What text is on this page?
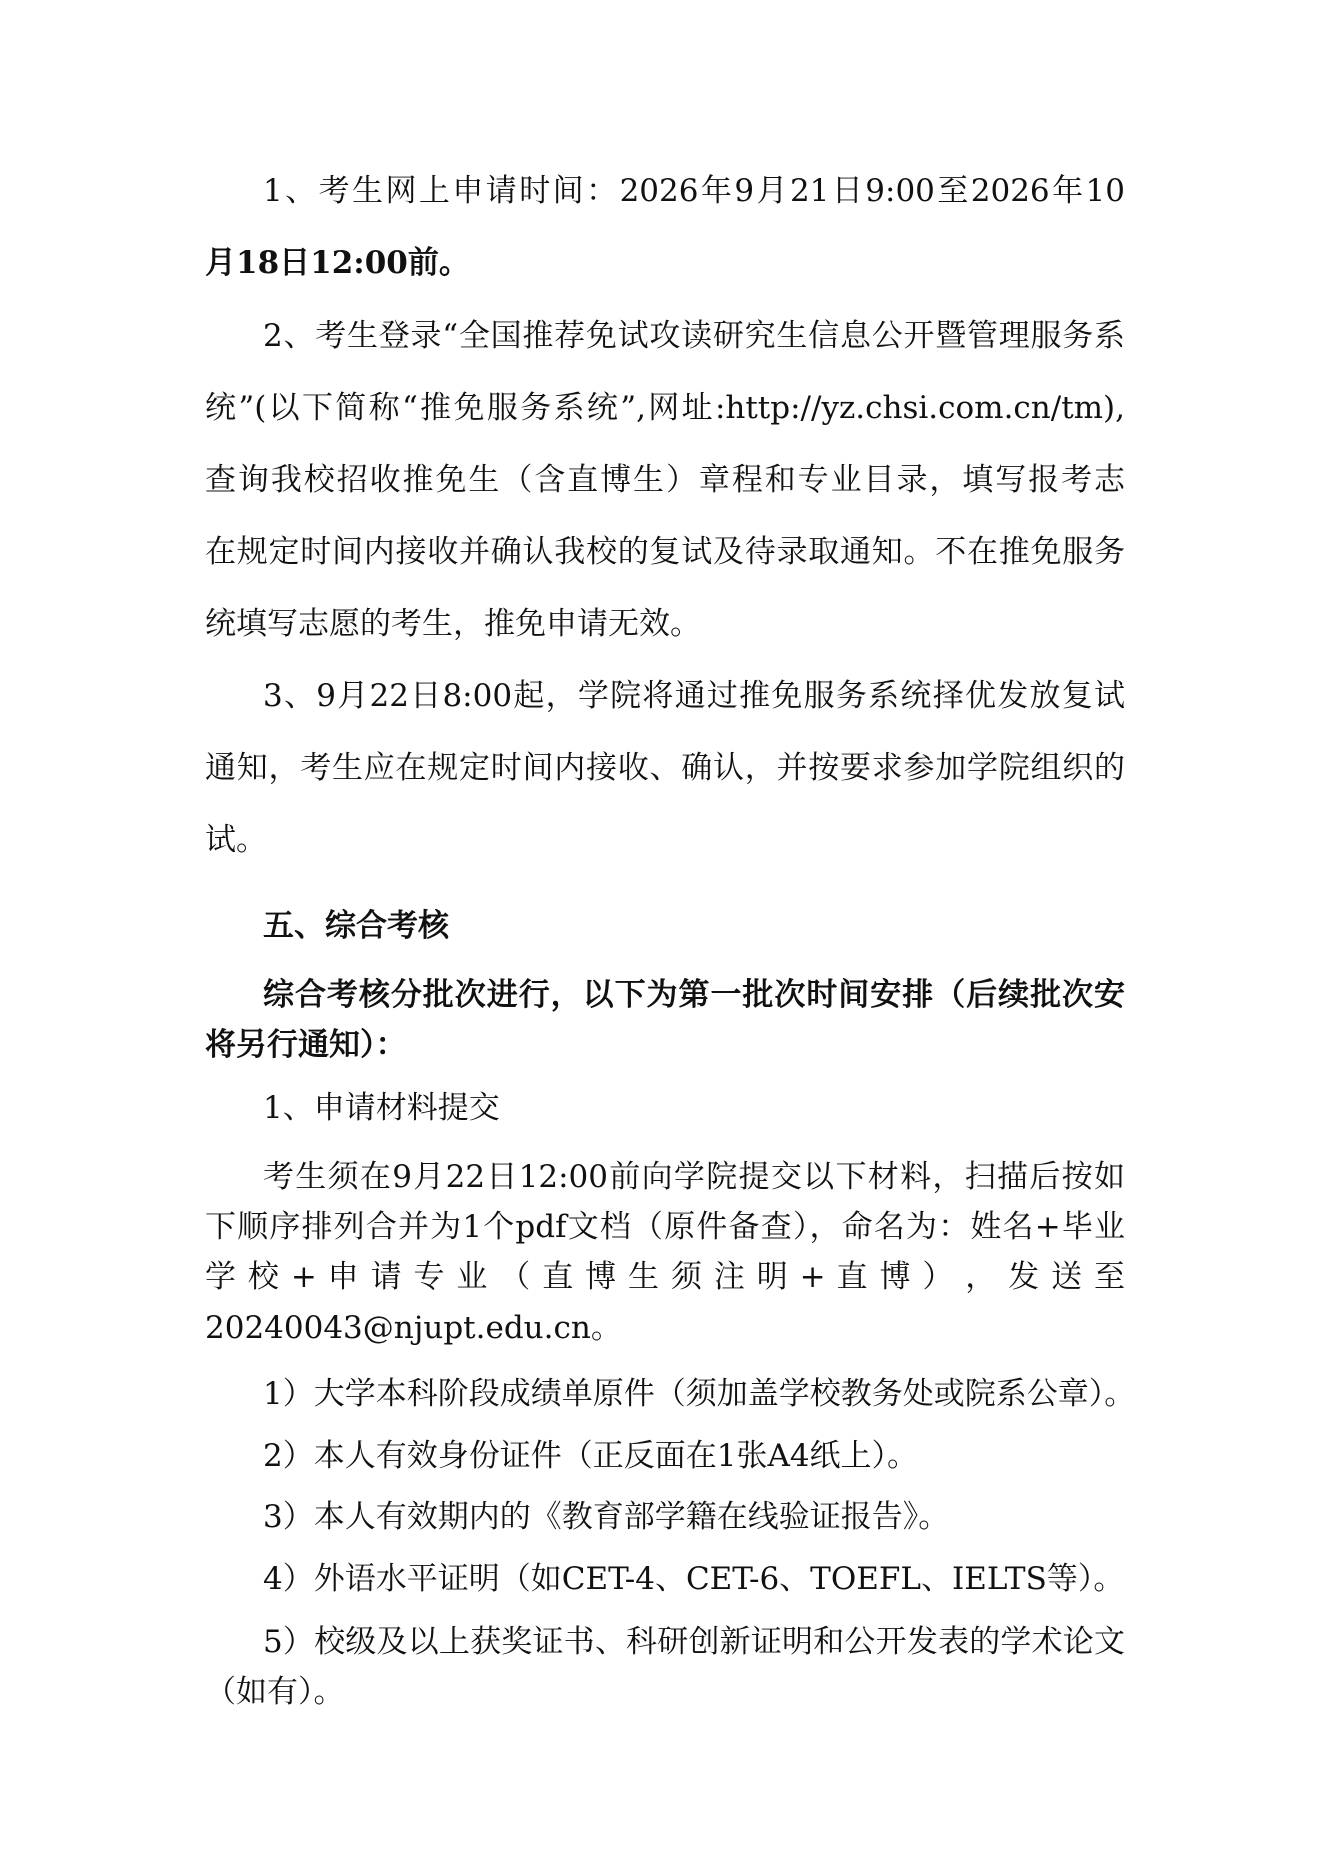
1、考生网上申请时间：2026年9月21日9:00至2026年10

月18日12:00前。

2、考生登录“全国推荐免试攻读研究生信息公开暨管理服务系

统”(以下简称“推免服务系统”,网址:http://yz.chsi.com.cn/tm),

查询我校招收推免生（含直博生）章程和专业目录，填写报考志

在规定时间内接收并确认我校的复试及待录取通知。不在推免服务

统填写志愿的考生，推免申请无效。

3、9月22日8:00起，学院将通过推免服务系统择优发放复试

通知，考生应在规定时间内接收、确认，并按要求参加学院组织的

试。

五、综合考核

综合考核分批次进行，以下为第一批次时间安排（后续批次安

将另行通知）：

1、申请材料提交

考生须在9月22日12:00前向学院提交以下材料，扫描后按如

下顺序排列合并为1个pdf文档（原件备查），命名为：姓名+毕业

学 校 + 申 请 专 业 （ 直 博 生 须 注 明 + 直 博 ） ， 发 送 至

20240043@njupt.edu.cn。

1）大学本科阶段成绩单原件（须加盖学校教务处或院系公章）。

2）本人有效身份证件（正反面在1张A4纸上）。

3）本人有效期内的《教育部学籍在线验证报告》。

4）外语水平证明（如CET-4、CET-6、TOEFL、IELTS等）。

5）校级及以上获奖证书、科研创新证明和公开发表的学术论文

（如有）。
